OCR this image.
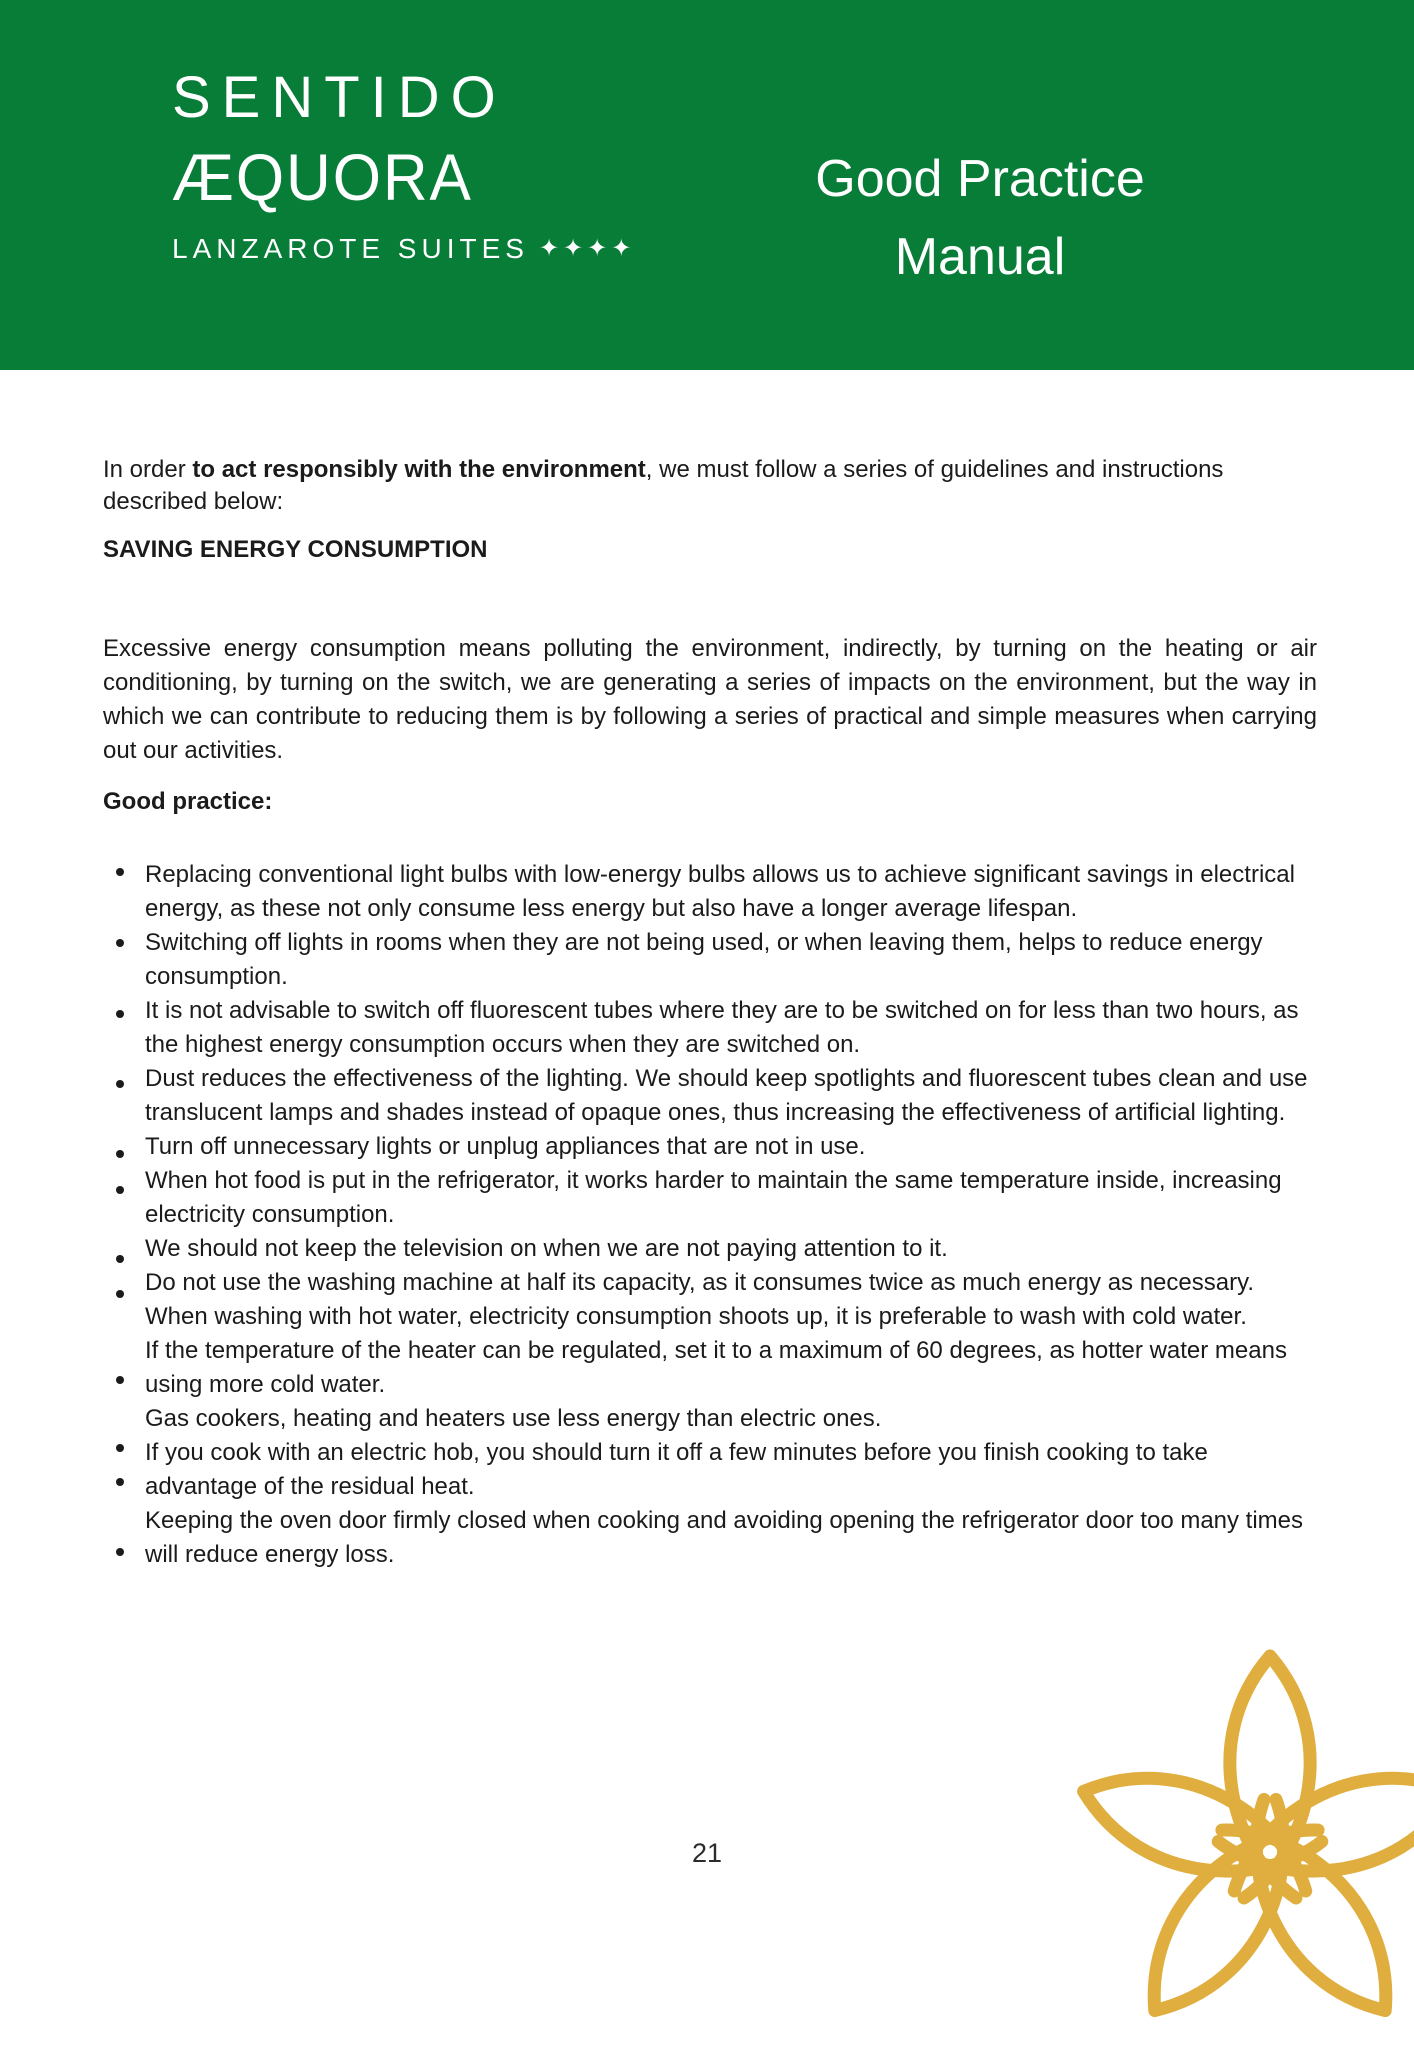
SENTIDO
ÆQUORA
LANZAROTE SUITES ✦✦✦✦
Good Practice
Manual

In order to act responsibly with the environment, we must follow a series of guidelines and instructions described below:

SAVING ENERGY CONSUMPTION

Excessive energy consumption means polluting the environment, indirectly, by turning on the heating or air conditioning, by turning on the switch, we are generating a series of impacts on the environment, but the way in which we can contribute to reducing them is by following a series of practical and simple measures when carrying out our activities.

Good practice:
Replacing conventional light bulbs with low-energy bulbs allows us to achieve significant savings in electrical energy, as these not only consume less energy but also have a longer average lifespan.
Switching off lights in rooms when they are not being used, or when leaving them, helps to reduce energy consumption.
It is not advisable to switch off fluorescent tubes where they are to be switched on for less than two hours, as the highest energy consumption occurs when they are switched on.
Dust reduces the effectiveness of the lighting. We should keep spotlights and fluorescent tubes clean and use translucent lamps and shades instead of opaque ones, thus increasing the effectiveness of artificial lighting.
Turn off unnecessary lights or unplug appliances that are not in use.
When hot food is put in the refrigerator, it works harder to maintain the same temperature inside, increasing electricity consumption.
We should not keep the television on when we are not paying attention to it.
Do not use the washing machine at half its capacity, as it consumes twice as much energy as necessary. When washing with hot water, electricity consumption shoots up, it is preferable to wash with cold water.
If the temperature of the heater can be regulated, set it to a maximum of 60 degrees, as hotter water means using more cold water.
Gas cookers, heating and heaters use less energy than electric ones.
If you cook with an electric hob, you should turn it off a few minutes before you finish cooking to take advantage of the residual heat.
Keeping the oven door firmly closed when cooking and avoiding opening the refrigerator door too many times will reduce energy loss.
21
